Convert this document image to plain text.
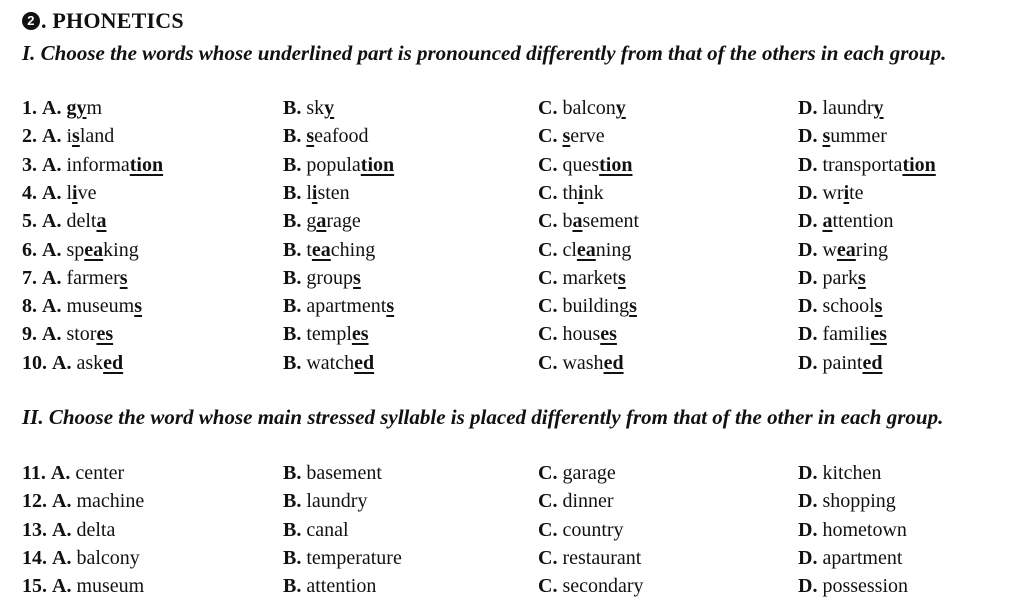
2 . PHONETICS
I. Choose the words whose underlined part is pronounced differently from that of the others in each group.
1. A. gym	B. sky	C. balcony	D. laundry
2. A. island	B. seafood	C. serve	D. summer
3. A. information	B. population	C. question	D. transportation
4. A. live	B. listen	C. think	D. write
5. A. delta	B. garage	C. basement	D. attention
6. A. speaking	B. teaching	C. cleaning	D. wearing
7. A. farmers	B. groups	C. markets	D. parks
8. A. museums	B. apartments	C. buildings	D. schools
9. A. stores	B. temples	C. houses	D. families
10. A. asked	B. watched	C. washed	D. painted
II. Choose the word whose main stressed syllable is placed differently from that of the other in each group.
11. A. center	B. basement	C. garage	D. kitchen
12. A. machine	B. laundry	C. dinner	D. shopping
13. A. delta	B. canal	C. country	D. hometown
14. A. balcony	B. temperature	C. restaurant	D. apartment
15. A. museum	B. attention	C. secondary	D. possession
